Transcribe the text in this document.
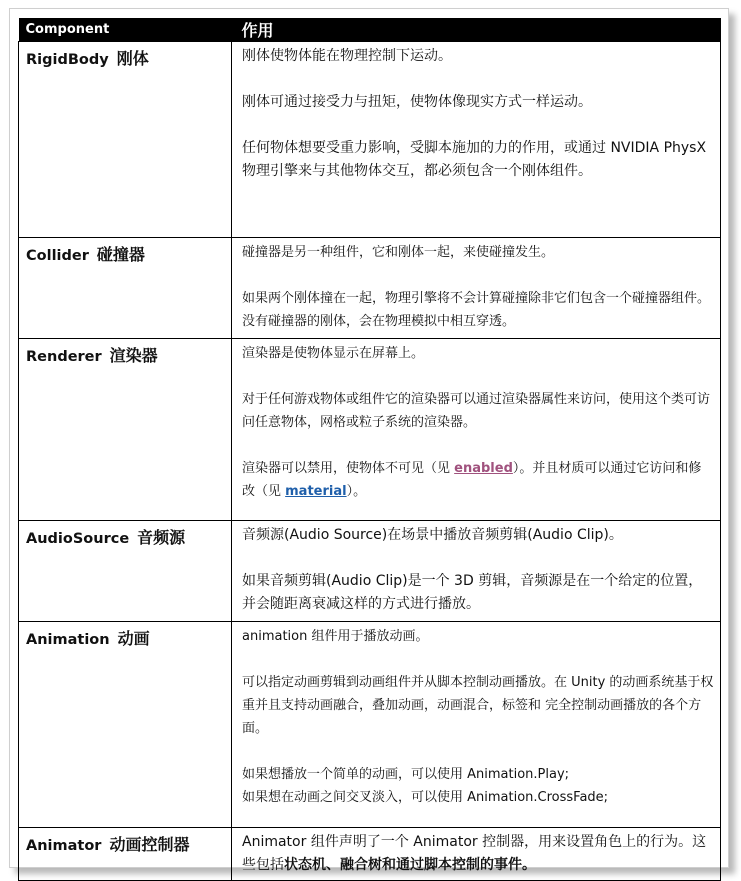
Component	作用
RigidBody 刚体	刚体使物体能在物理控制下运动。

刚体可通过接受力与扭矩，使物体像现实方式一样运动。

任何物体想要受重力影响，受脚本施加的力的作用，或通过 NVIDIA PhysX 物理引擎来与其他物体交互，都必须包含一个刚体组件。

Collider 碰撞器	碰撞器是另一种组件，它和刚体一起，来使碰撞发生。

如果两个刚体撞在一起，物理引擎将不会计算碰撞除非它们包含一个碰撞器组件。没有碰撞器的刚体，会在物理模拟中相互穿透。

Renderer 渲染器	渲染器是使物体显示在屏幕上。

对于任何游戏物体或组件它的渲染器可以通过渲染器属性来访问，使用这个类可访问任意物体，网格或粒子系统的渲染器。

渲染器可以禁用，使物体不可见（见 enabled）。并且材质可以通过它访问和修改（见 material）。

AudioSource 音频源	音频源(Audio Source)在场景中播放音频剪辑(Audio Clip)。

如果音频剪辑(Audio Clip)是一个 3D 剪辑，音频源是在一个给定的位置，并会随距离衰减这样的方式进行播放。

Animation 动画	animation 组件用于播放动画。

可以指定动画剪辑到动画组件并从脚本控制动画播放。在 Unity 的动画系统基于权重并且支持动画融合，叠加动画，动画混合，标签和 完全控制动画播放的各个方面。

如果想播放一个简单的动画，可以使用 Animation.Play;
如果想在动画之间交叉淡入，可以使用 Animation.CrossFade;

Animator 动画控制器	Animator 组件声明了一个 Animator 控制器，用来设置角色上的行为。这些包括状态机、融合树和通过脚本控制的事件。
